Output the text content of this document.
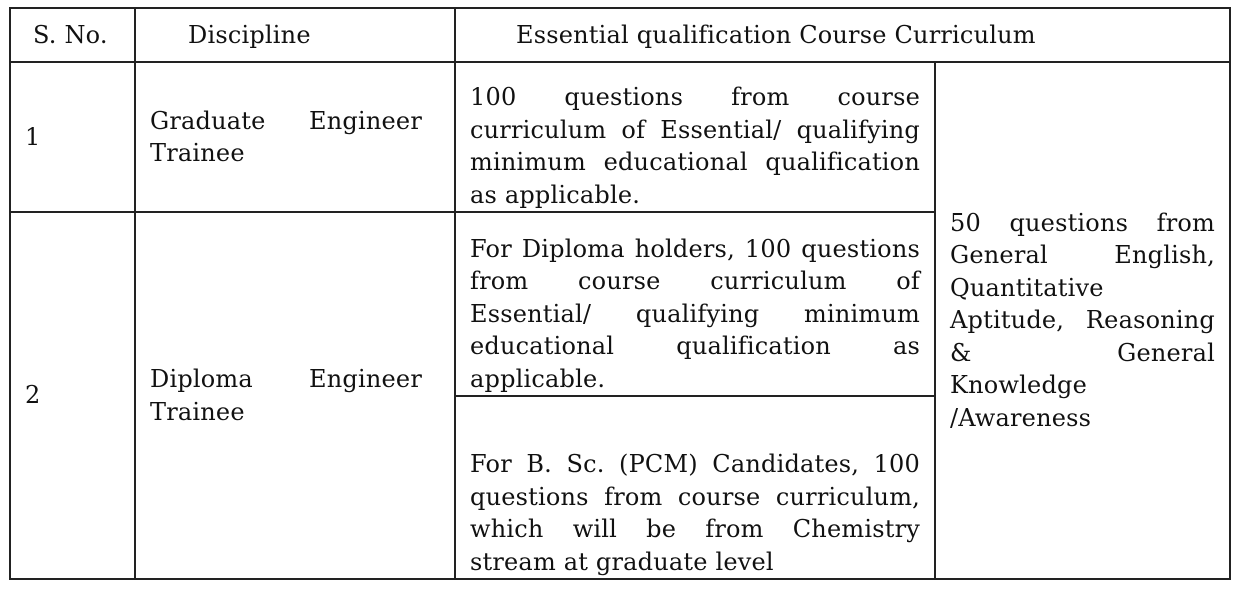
S. No.	Discipline	Essential qualification Course Curriculum	
1	Graduate Engineer Trainee	100 questions from course curriculum of Essential/ qualifying minimum educational qualification as applicable.	50 questions from General English, Quantitative Aptitude, Reasoning & General Knowledge /Awareness
2	Diploma Engineer Trainee	For Diploma holders, 100 questions from course curriculum of Essential/ qualifying minimum educational qualification as applicable.	
		For B. Sc. (PCM) Candidates, 100 questions from course curriculum, which will be from Chemistry stream at graduate level	
